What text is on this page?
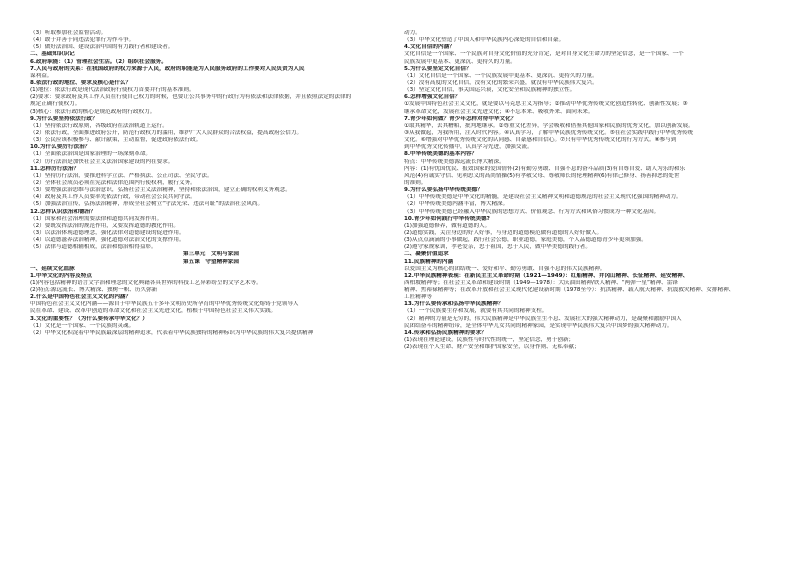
（3）听取参加社会监督活动。
（4）敢于并善于同违法犯罪行为作斗争。
（5）做好法治国、建设法治中国的有力践行者和建设者。
二、基础知识识记
6.政府职能：（1）管理社会生活。（2）组织社会服务。
7.人民与政府的关系：在我国政府的权力来源于人民，政府的职能是为人民服务政府的工作要对人民负责为人民
谋利益。
8.依法行政的地位、要求及核心是什么？
(1)地位：依法行政是现代法治政府行使权力首要并行的基本准则。
(2)要求：要求政府及其工作人员在行使自己权力的时候，也要让公共事务中的行政行为有依法和法律依据，并且依照法定的法律的
规定正确行使权力。
(3)核心：依法行政的核心是规范政府的行政权力。
9.为什么要坚持依法行政？
（1）坚持依法行政原则，各级政府在法治轨道上运行。
（2）依法行政，全面推进政府公开，防范行政权力的滥用，维护广大人民群众的合法权益，提高政府公信力。
（3）公民应该积极参与、献计献策，主动监督，促进政府依法行政。
10.为什么要厉行法治？
（1）全面依法治国是国家治理的一场深刻革命。
（2）厉行法治是加快社会主义法治国家建设的内在要求。
11.怎样厉行法治？
（1）坚持厉行法治，要推进科学立法、严格执法、公正司法、全民守法。
（2）全体社会成员必须在宪法和法律范围内行使权利，履行义务。
（3）要增强法治思维与法治意识，弘扬社会主义法治精神，坚持和依法治国，建立正确的权利义务观念。
（4）政府及其工作人员要率先依法行政，带动社会公民共同守法。
（5）加强法治宣传，弘扬法治精神，形成全社会树立“守法光荣、违法可耻”的法治社会风尚。
12.怎样认识法治和德治？
（1）国家和社会治理需要法律和道德共同发挥作用。
（2）要既发挥法治的规范作用，又要发挥道德的教化作用。
（3）以法治体现道德理念，强化法律对道德建设的促进作用。
（4）以道德滋养法治精神，强化道德对法治文化的支撑作用。
（5）法律与道德相辅相成，法治和德治相得益彰。
第三单元　文明与家园
第五课　守望精神家园
一、延续文化血脉
1.中华文化的内容及特点
(1)内容包括精神的语言文字治和理念的文化典籍各具世界的科技工艺异彩纷呈的文学艺术等。
(2)特点:源远流长、博大精深、独树一帜、历久弥新
2.什么是中国特色社会主义文化的内涵？
中国特色社会主义文化内涵——源自于中华民族五千多年文明历史所孕育的中华优秀传统文化熔铸于党领导人
民在革命、建设、改革中创造的革命文化和社会主义先进文化，植根于中国特色社会主义伟大实践。
3.文化的重要性？（为什么要传承中华文化？）
（1）文化是一个国家、一个民族的灵魂。
（2）中华文化积淀着中华民族最深层的精神追求，代表着中华民族独特的精神标识为中华民族的伟大复兴提供精神
动力。
（3）中华文化塑造了中国人和中华民族内心深处的自信和自豪。
4.文化自信的内涵？
文化自信是一个国家、一个民族对自身文化价值的充分肯定，是对自身文化生命力的坚定信念，是一个国家、一个
民族发展中更基本、更深沉、更持久的力量。
5.为什么要坚定文化自信？
（1）文化自信是一个国家、一个民族发展中更基本、更深沉、更持久的力量。
（2）没有高度的文化自信，没有文化的繁荣兴盛，就没有中华民族伟大复兴。
（3）坚定文化自信，事关国运兴衰，文化安全和民族精神的独立性。
6.怎样增强文化自信？
①发展中国特色社会主义文化，就是要以马克思主义为指导；②推动中华优秀传统文化创造性转化、创新性发展；③
继承革命文化，发展社会主义先进文化；④不忘本来、吸收外来、面向未来。
7.青少年如何做？青少年怎样对待中华文化？
①取其精华，去其糟粕，批判地继承。②尊重文化差异，学会吸收和借鉴其他国家和民族的优秀文化，加以创新发展。
③从我做起，为我所用，注入时代内容。④认真学习，了解中华民族优秀传统文化。⑤在社会实践中践行中华优秀传统
文化。⑥增强对中华优秀传统文化的认同感、自豪感和自信心。⑦只有中华优秀传统文化的行为方式。⑧参与到
到中华优秀文化传播中，认真学习先进，加强交流。
8.中华传统美德的基本内容？
特点：中华传统美德源远流长博大精深。
内容：(1)有忧国忧民、报效国家的爱国情怀(2)有勤劳勇敢、自强不息的奋斗品质(3)有自尊自爱、助人为乐的和乐
风范(4)有诚实守信、见利思义的高尚情操(5)有孝敬父母、尊敬师长的伦理精神(6)有律己修身、扬善抑恶的处世
的准则。
9.为什么要弘扬中华传统美德？
（1）中华传统美德是中华文化的精髓，是建设社会主义精神文明和道德规范的社会主义现代化强国的精神动力。
（2）中华传统美德内涵丰富，博大精深。
（3）中华传统美德已经融入中华民族的思想方式、价值观念、行为方式和风俗习惯成为一种文化基因。
10.青少年如何践行中华传统美德?
(1)加强道德修养，做有道德的人。
(2)道德实践，关注身边的好人好事，与身边的道德模范做有道德的人好好做人。
(3)从点点滴滴的小事做起，践行社会公德，职业道德，家庭美德，个人品德道德青少年更须加强。
(2)遵守家规家训，孝老爱亲，忠于祖国，忠于人民，做中华美德的践行者。
二、凝聚价值追求
11.民族精神的内涵
以爱国主义为核心的团结统一、爱好和平、勤劳勇敢、自强不息的伟大民族精神。
12.中华民族精神表现：在新民主主义革命时期（1921—1949）：红船精神、井冈山精神、长征精神、延安精神、
西柏坡精神等；在社会主义革命和建设时期（1949—1978）：大庆油田精神/铁人精神、“两弹一星”精神、雷锋
精神、焦裕禄精神等；在改革开放和社会主义现代化建设新时期（1978至今）：抗洪精神、载人航天精神、抗震救灾精神、女排精神、
工匠精神等
13.为什么要传承和弘扬中华民族精神？
（1）一个民族要生存和发展，就要有其共同的精神支柱。
（2）精神的力量是无穷的，伟大民族精神是中华民族生生不息、发展壮大的强大精神动力，是凝聚和激励中国人
民团结奋斗的精神纽带，是全体中华儿女共同的精神家园，是实现中华民族伟大复兴中国梦的强大精神动力。
14.传承和弘扬民族精神的要求？
(1)表现在理论建设，民族性与时代性的统一，坚定信念，勇于创新；
(2)表现在个人生命、财产安全和维护国家安全，以身作则、无私奉献；
